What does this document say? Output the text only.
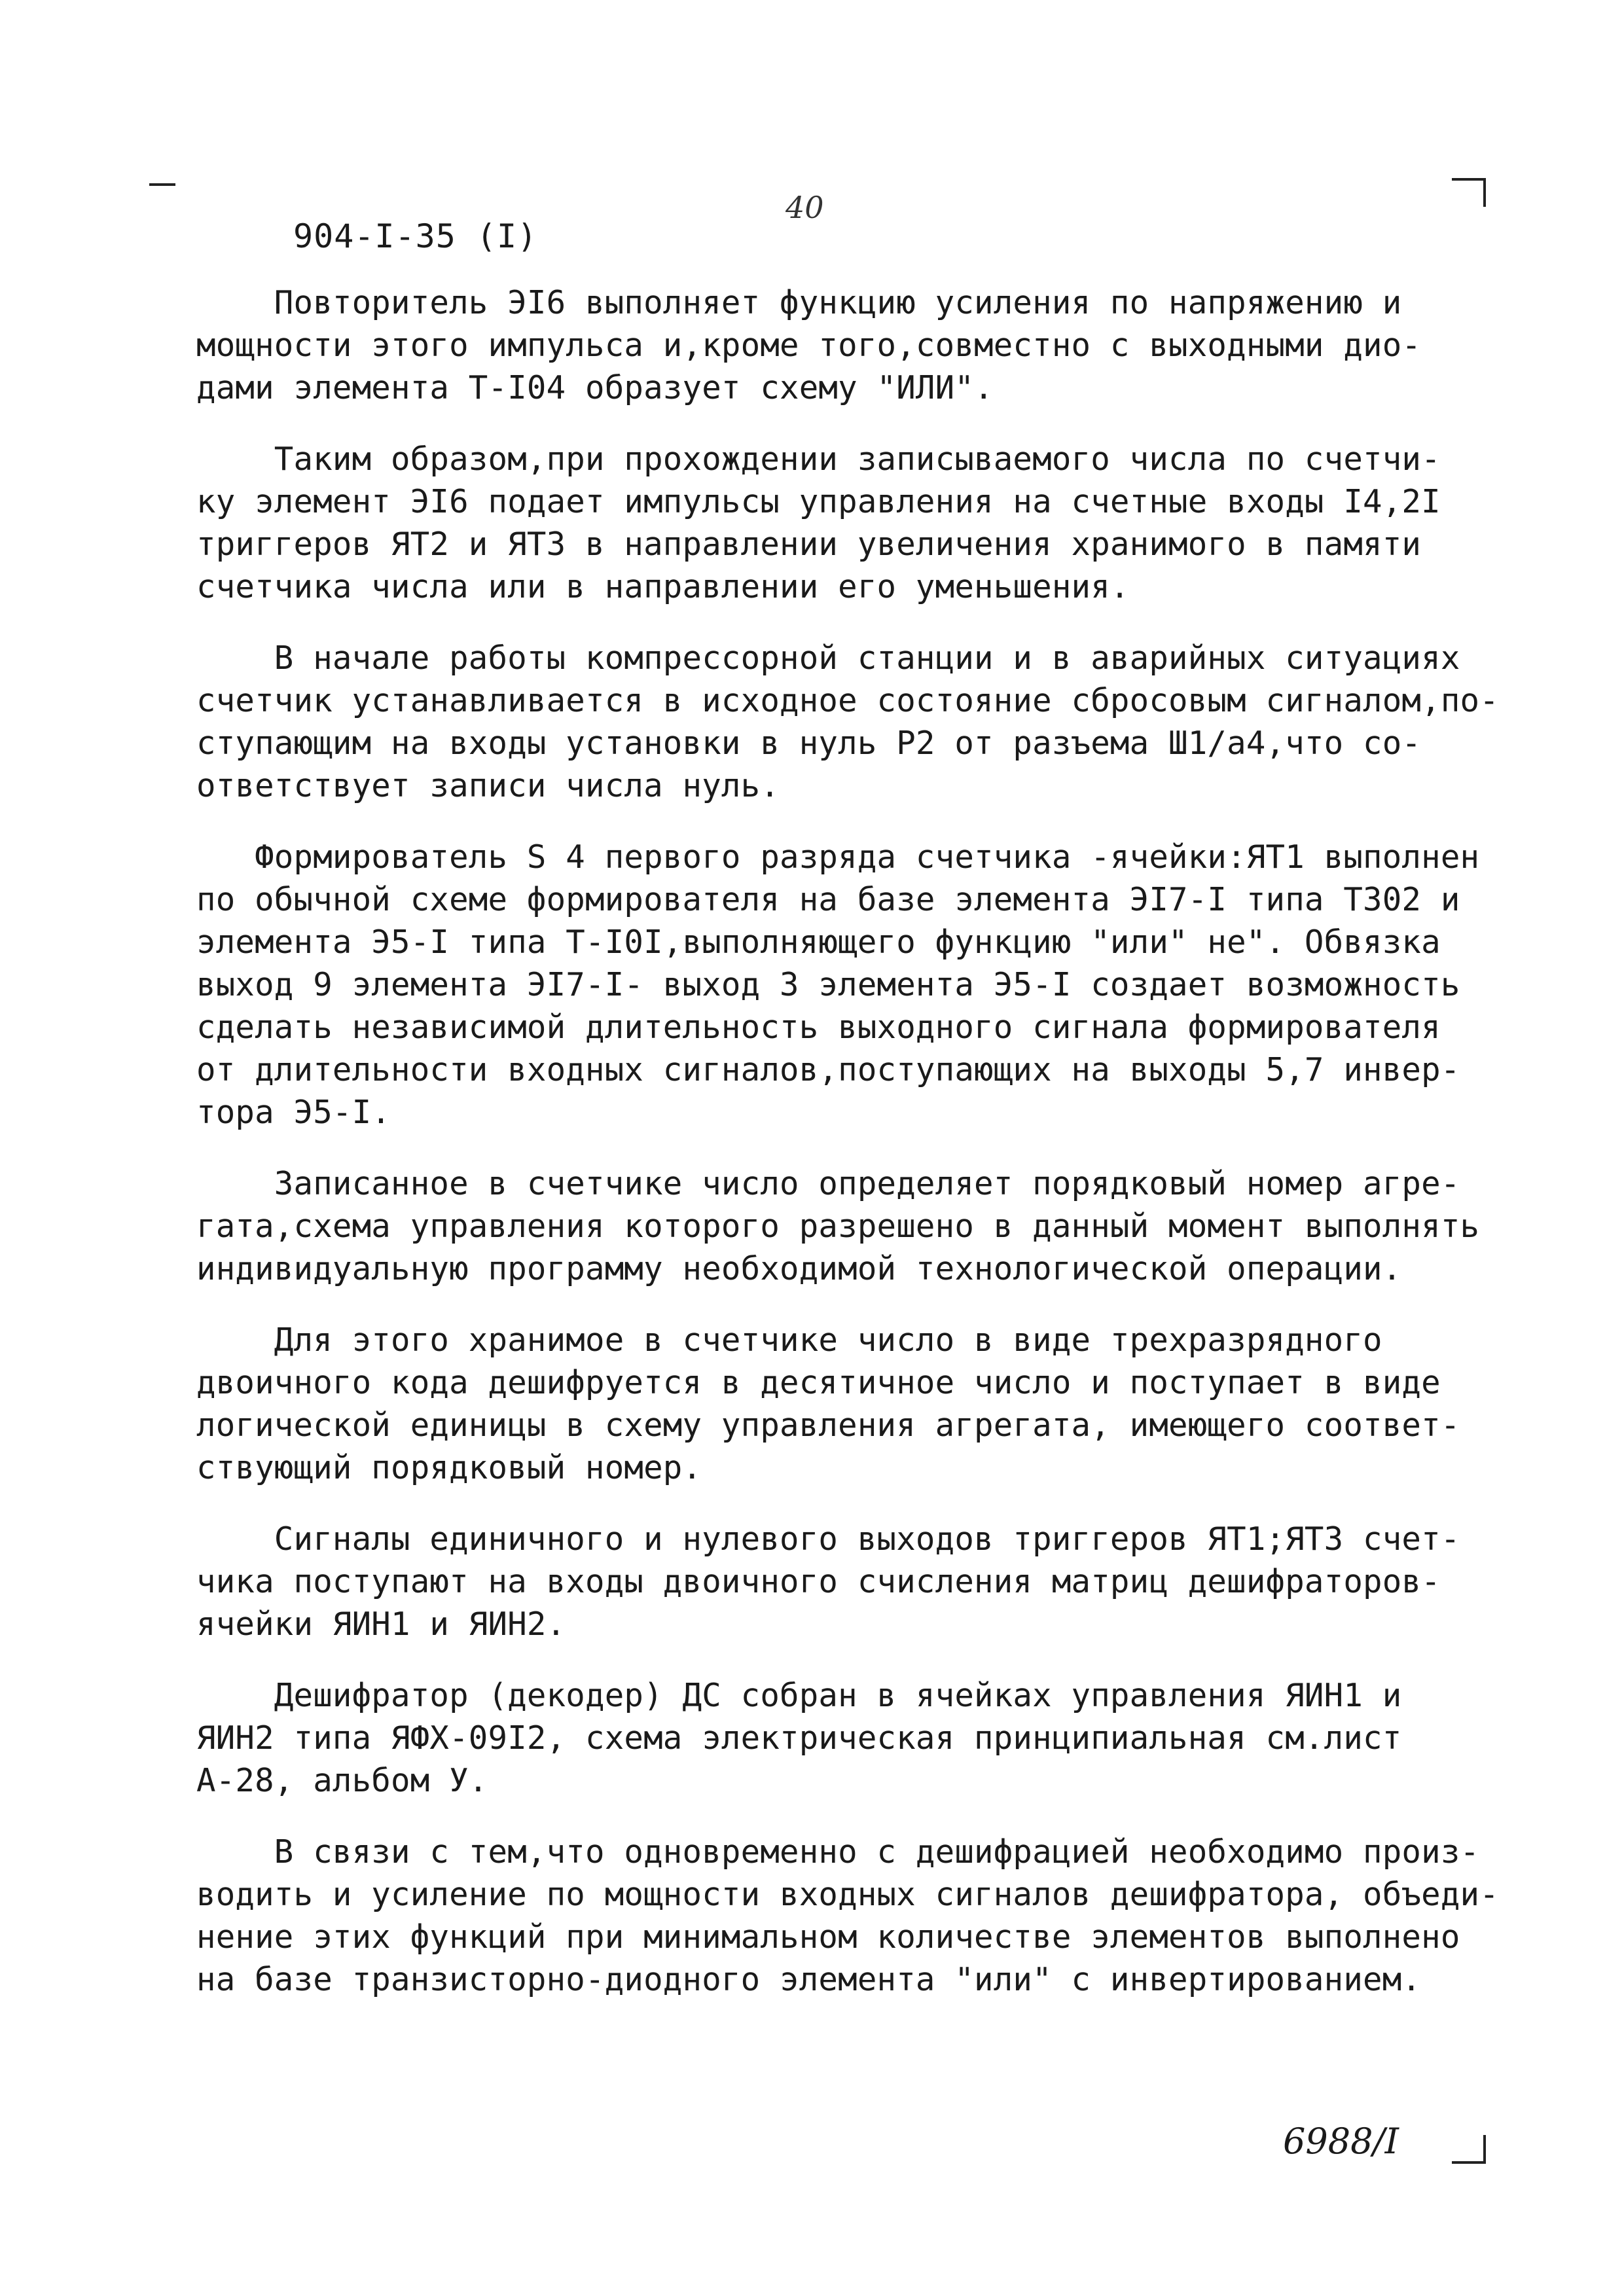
40
904-I-35 (I)
Повторитель ЭI6 выполняет функцию усиления по напряжению и
мощности этого импульса и,кроме того,совместно с выходными дио-
дами элемента Т-I04 образует схему "ИЛИ".
Таким образом,при прохождении записываемого числа по счетчи-
ку элемент ЭI6 подает импульсы управления на счетные входы I4,2I
триггеров ЯТ2 и ЯТ3 в направлении увеличения хранимого в памяти
счетчика числа или в направлении его уменьшения.
В начале работы компрессорной станции и в аварийных ситуациях
счетчик устанавливается в исходное состояние сбросовым сигналом,по-
ступающим на входы установки в нуль Р2 от разъема Ш1/а4,что со-
ответствует записи числа нуль.
Формирователь S 4 первого разряда счетчика -ячейки:ЯТ1 выполнен
по обычной схеме формирователя на базе элемента ЭI7-I типа Т302 и
элемента Э5-I типа Т-I0I,выполняющего функцию "или" не". Обвязка
выход 9 элемента ЭI7-I- выход 3 элемента Э5-I создает возможность
сделать независимой длительность выходного сигнала формирователя
от длительности входных сигналов,поступающих на выходы 5,7 инвер-
тора Э5-I.
Записанное в счетчике число определяет порядковый номер агре-
гата,схема управления которого разрешено в данный момент выполнять
индивидуальную программу необходимой технологической операции.
Для этого хранимое в счетчике число в виде трехразрядного
двоичного кода дешифруется в десятичное число и поступает в виде
логической единицы в схему управления агрегата, имеющего соответ-
ствующий порядковый номер.
Сигналы единичного и нулевого выходов триггеров ЯТ1;ЯТ3 счет-
чика поступают на входы двоичного счисления матриц дешифраторов-
ячейки ЯИН1 и ЯИН2.
Дешифратор (декодер) ДС собран в ячейках управления ЯИН1 и
ЯИН2 типа ЯФХ-09I2, схема электрическая принципиальная см.лист
А-28, альбом У.
В связи с тем,что одновременно с дешифрацией необходимо произ-
водить и усиление по мощности входных сигналов дешифратора, объеди-
нение этих функций при минимальном количестве элементов выполнено
на базе транзисторно-диодного элемента "или" с инвертированием.
6988/I
